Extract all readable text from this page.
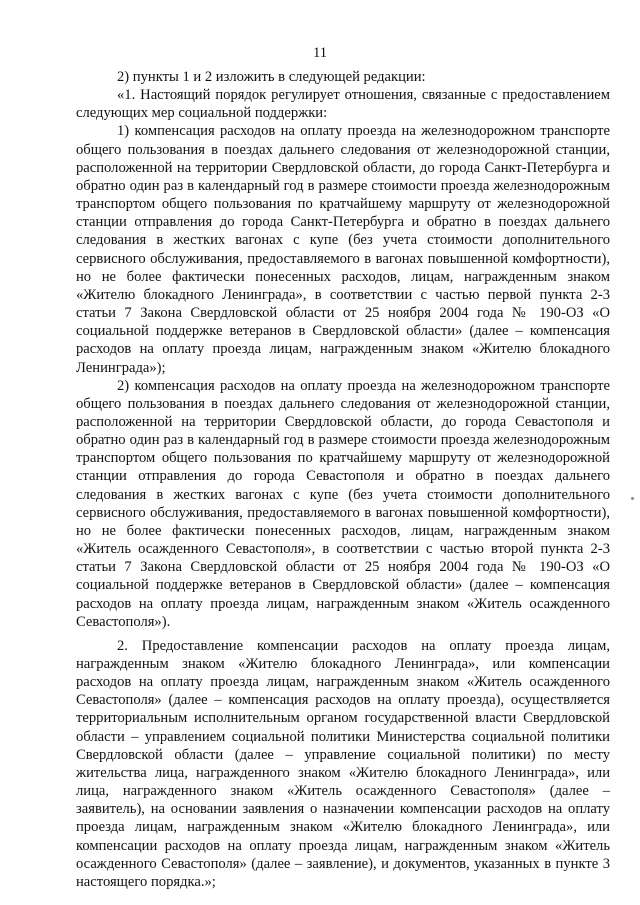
11

2) пункты 1 и 2 изложить в следующей редакции:

«1. Настоящий порядок регулирует отношения, связанные с предоставлением следующих мер социальной поддержки:

1) компенсация расходов на оплату проезда на железнодорожном транспорте общего пользования в поездах дальнего следования от железнодорожной станции, расположенной на территории Свердловской области, до города Санкт-Петербурга и обратно один раз в календарный год в размере стоимости проезда железнодорожным транспортом общего пользования по кратчайшему маршруту от железнодорожной станции отправления до города Санкт-Петербурга и обратно в поездах дальнего следования в жестких вагонах с купе (без учета стоимости дополнительного сервисного обслуживания, предоставляемого в вагонах повышенной комфортности), но не более фактически понесенных расходов, лицам, награжденным знаком «Жителю блокадного Ленинграда», в соответствии с частью первой пункта 2-3 статьи 7 Закона Свердловской области от 25 ноября 2004 года № 190-ОЗ «О социальной поддержке ветеранов в Свердловской области» (далее – компенсация расходов на оплату проезда лицам, награжденным знаком «Жителю блокадного Ленинграда»);

2) компенсация расходов на оплату проезда на железнодорожном транспорте общего пользования в поездах дальнего следования от железнодорожной станции, расположенной на территории Свердловской области, до города Севастополя и обратно один раз в календарный год в размере стоимости проезда железнодорожным транспортом общего пользования по кратчайшему маршруту от железнодорожной станции отправления до города Севастополя и обратно в поездах дальнего следования в жестких вагонах с купе (без учета стоимости дополнительного сервисного обслуживания, предоставляемого в вагонах повышенной комфортности), но не более фактически понесенных расходов, лицам, награжденным знаком «Житель осажденного Севастополя», в соответствии с частью второй пункта 2-3 статьи 7 Закона Свердловской области от 25 ноября 2004 года № 190-ОЗ «О социальной поддержке ветеранов в Свердловской области» (далее – компенсация расходов на оплату проезда лицам, награжденным знаком «Житель осажденного Севастополя»).

2. Предоставление компенсации расходов на оплату проезда лицам, награжденным знаком «Жителю блокадного Ленинграда», или компенсации расходов на оплату проезда лицам, награжденным знаком «Житель осажденного Севастополя» (далее – компенсация расходов на оплату проезда), осуществляется территориальным исполнительным органом государственной власти Свердловской области – управлением социальной политики Министерства социальной политики Свердловской области (далее – управление социальной политики) по месту жительства лица, награжденного знаком «Жителю блокадного Ленинграда», или лица, награжденного знаком «Житель осажденного Севастополя» (далее – заявитель), на основании заявления о назначении компенсации расходов на оплату проезда лицам, награжденным знаком «Жителю блокадного Ленинграда», или компенсации расходов на оплату проезда лицам, награжденным знаком «Житель осажденного Севастополя» (далее – заявление), и документов, указанных в пункте 3 настоящего порядка.»;
